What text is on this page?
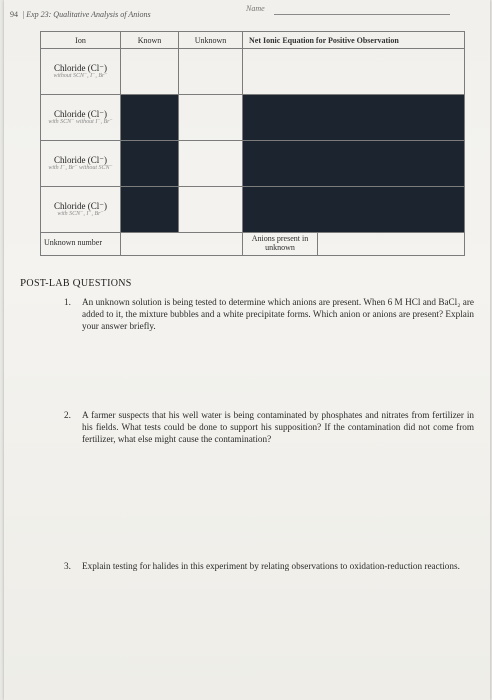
94 | Exp 23: Qualitative Analysis of Anions
Name
Ion	Known	Unknown	Net Ionic Equation for Positive Observation

Chloride (Cl⁻)
without SCN⁻, I⁻, Br⁻			

Chloride (Cl⁻)
with SCN⁻ without I⁻, Br⁻			

Chloride (Cl⁻)
with I⁻, Br⁻ without SCN⁻			

Chloride (Cl⁻)
with SCN⁻, I⁻, Br⁻			

Unknown number			Anions present in unknown
POST-LAB QUESTIONS
1. An unknown solution is being tested to determine which anions are present. When 6 M HCl and BaCl₂ are added to it, the mixture bubbles and a white precipitate forms. Which anion or anions are present? Explain your answer briefly.
2. A farmer suspects that his well water is being contaminated by phosphates and nitrates from fertilizer in his fields. What tests could be done to support his supposition? If the contamination did not come from fertilizer, what else might cause the contamination?
3. Explain testing for halides in this experiment by relating observations to oxidation-reduction reactions.
